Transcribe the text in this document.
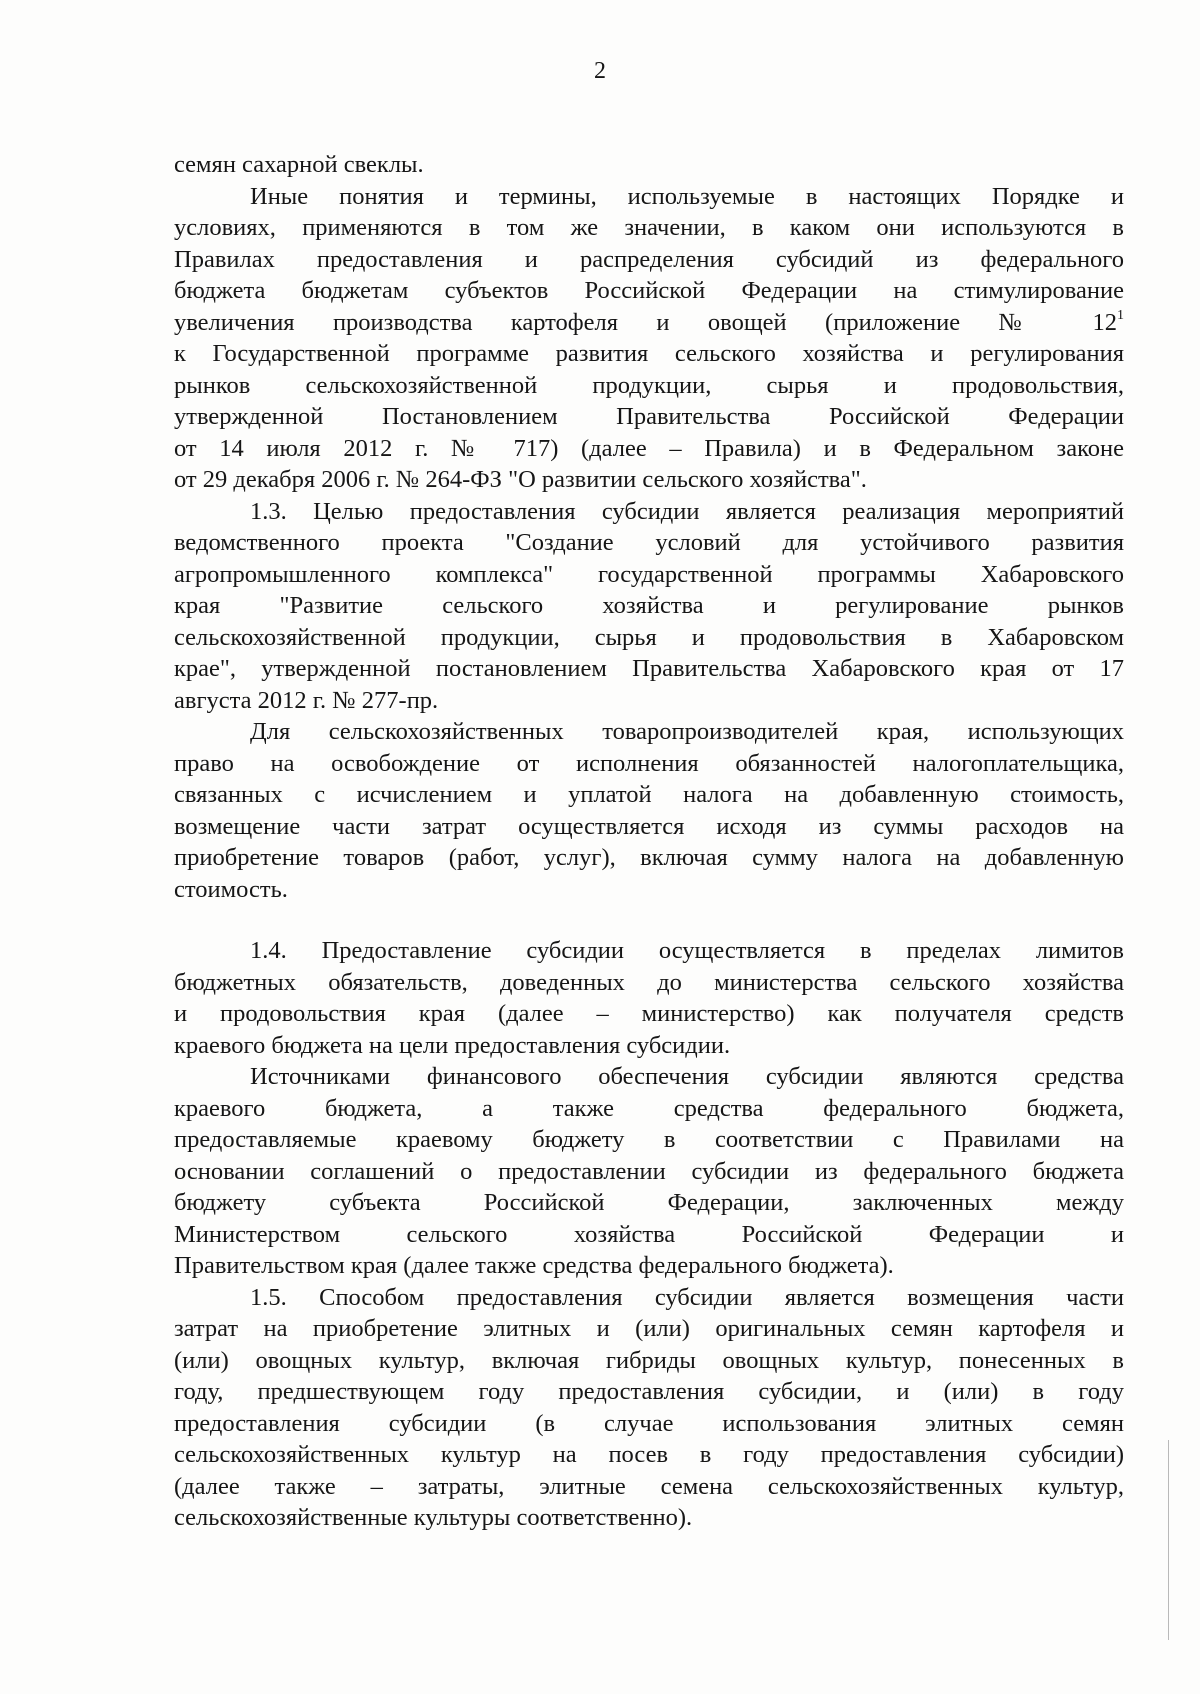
2
семян сахарной свеклы.
Иные понятия и термины, используемые в настоящих Порядке и
условиях, применяются в том же значении, в каком они используются в
Правилах предоставления и распределения субсидий из федерального
бюджета бюджетам субъектов Российской Федерации на стимулирование
увеличения производства картофеля и овощей (приложение № $12^1$
к Государственной программе развития сельского хозяйства и регулирования
рынков сельскохозяйственной продукции, сырья и продовольствия,
утвержденной Постановлением Правительства Российской Федерации
от 14 июля 2012 г. № 717) (далее – Правила) и в Федеральном законе
от 29 декабря 2006 г. № 264-ФЗ "О развитии сельского хозяйства".
1.3. Целью предоставления субсидии является реализация мероприятий
ведомственного проекта "Создание условий для устойчивого развития
агропромышленного комплекса" государственной программы Хабаровского
края "Развитие сельского хозяйства и регулирование рынков
сельскохозяйственной продукции, сырья и продовольствия в Хабаровском
крае", утвержденной постановлением Правительства Хабаровского края от 17
августа 2012 г. № 277-пр.
Для сельскохозяйственных товаропроизводителей края, использующих
право на освобождение от исполнения обязанностей налогоплательщика,
связанных с исчислением и уплатой налога на добавленную стоимость,
возмещение части затрат осуществляется исходя из суммы расходов на
приобретение товаров (работ, услуг), включая сумму налога на добавленную
стоимость.
1.4. Предоставление субсидии осуществляется в пределах лимитов
бюджетных обязательств, доведенных до министерства сельского хозяйства
и продовольствия края (далее – министерство) как получателя средств
краевого бюджета на цели предоставления субсидии.
Источниками финансового обеспечения субсидии являются средства
краевого бюджета, а также средства федерального бюджета,
предоставляемые краевому бюджету в соответствии с Правилами на
основании соглашений о предоставлении субсидии из федерального бюджета
бюджету субъекта Российской Федерации, заключенных между
Министерством сельского хозяйства Российской Федерации и
Правительством края (далее также средства федерального бюджета).
1.5. Способом предоставления субсидии является возмещения части
затрат на приобретение элитных и (или) оригинальных семян картофеля и
(или) овощных культур, включая гибриды овощных культур, понесенных в
году, предшествующем году предоставления субсидии, и (или) в году
предоставления субсидии (в случае использования элитных семян
сельскохозяйственных культур на посев в году предоставления субсидии)
(далее также – затраты, элитные семена сельскохозяйственных культур,
сельскохозяйственные культуры соответственно).
